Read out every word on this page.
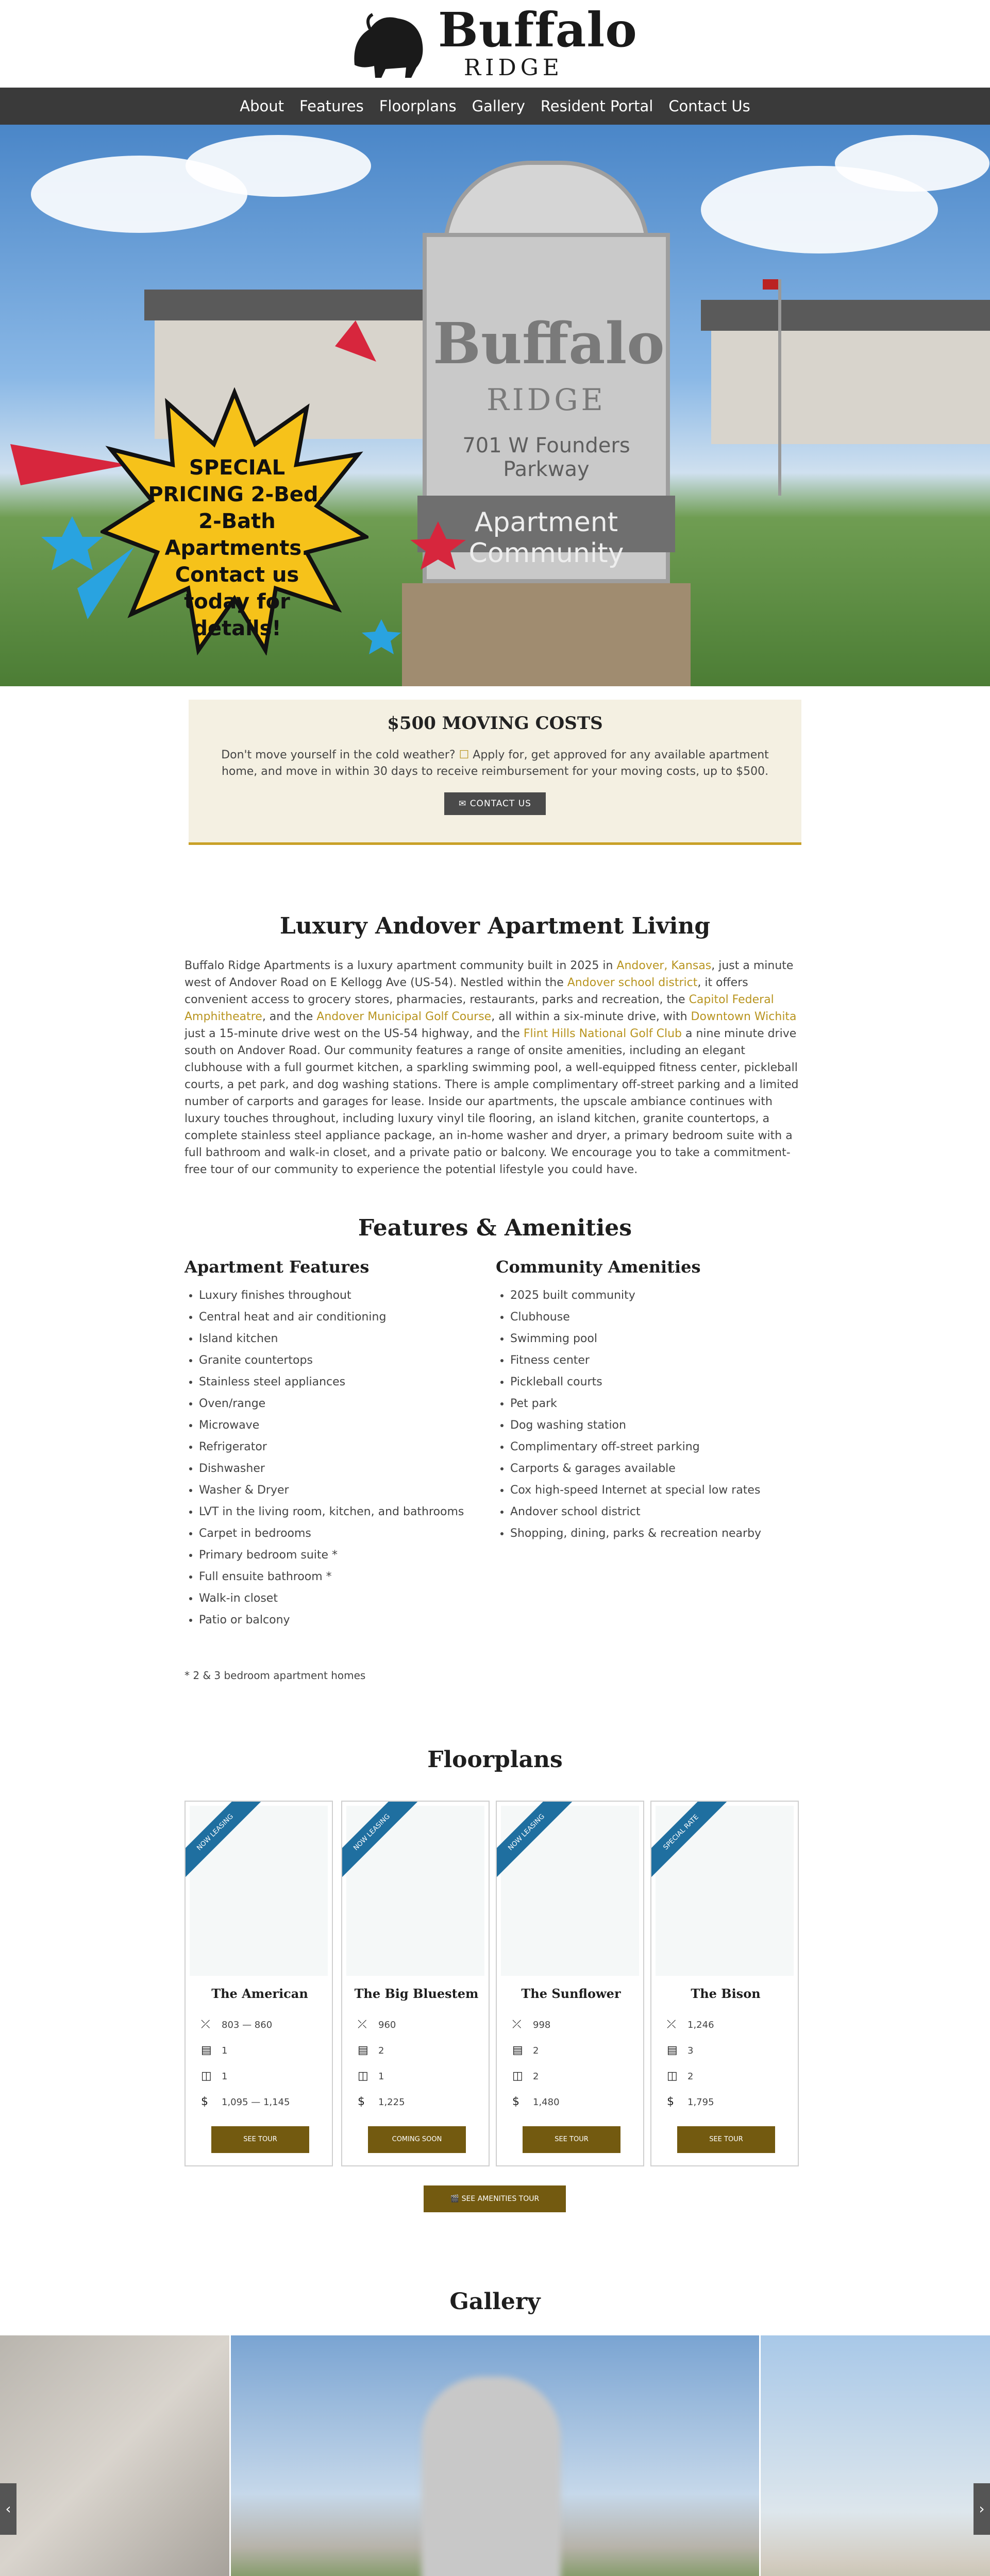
Buffalo
RIDGE
About Features Floorplans Gallery Resident Portal Contact Us
Buffalo
RIDGE
701 W Founders Parkway
Apartment Community
SPECIAL PRICING 2-Bed, 2-Bath Apartments. Contact us today for details!
$500 MOVING COSTS

Don't move yourself in the cold weather? ☐ Apply for, get approved for any available apartment home, and move in within 30 days to receive reimbursement for your moving costs, up to $500.

✉ CONTACT US
Luxury Andover Apartment Living
Buffalo Ridge Apartments is a luxury apartment community built in 2025 in Andover, Kansas, just a minute west of Andover Road on E Kellogg Ave (US-54). Nestled within the Andover school district, it offers convenient access to grocery stores, pharmacies, restaurants, parks and recreation, the Capitol Federal Amphitheatre, and the Andover Municipal Golf Course, all within a six-minute drive, with Downtown Wichita just a 15-minute drive west on the US-54 highway, and the Flint Hills National Golf Club a nine minute drive south on Andover Road. Our community features a range of onsite amenities, including an elegant clubhouse with a full gourmet kitchen, a sparkling swimming pool, a well-equipped fitness center, pickleball courts, a pet park, and dog washing stations. There is ample complimentary off-street parking and a limited number of carports and garages for lease. Inside our apartments, the upscale ambiance continues with luxury touches throughout, including luxury vinyl tile flooring, an island kitchen, granite countertops, a complete stainless steel appliance package, an in-home washer and dryer, a primary bedroom suite with a full bathroom and walk-in closet, and a private patio or balcony. We encourage you to take a commitment-free tour of our community to experience the potential lifestyle you could have.
Features & Amenities
Apartment Features
• Luxury finishes throughout
• Central heat and air conditioning
• Island kitchen
• Granite countertops
• Stainless steel appliances
• Oven/range
• Microwave
• Refrigerator
• Dishwasher
• Washer & Dryer
• LVT in the living room, kitchen, and bathrooms
• Carpet in bedrooms
• Primary bedroom suite *
• Full ensuite bathroom *
• Walk-in closet
• Patio or balcony
Community Amenities
• 2025 built community
• Clubhouse
• Swimming pool
• Fitness center
• Pickleball courts
• Pet park
• Dog washing station
• Complimentary off-street parking
• Carports & garages available
• Cox high-speed Internet at special low rates
• Andover school district
• Shopping, dining, parks & recreation nearby
* 2 & 3 bedroom apartment homes
Floorplans
NOW LEASING
The American
⤫ 803 — 860
▤ 1
◫ 1
$ 1,095 — 1,145
SEE TOUR
NOW LEASING
The Big Bluestem
⤫ 960
▤ 2
◫ 1
$ 1,225
COMING SOON
NOW LEASING
The Sunflower
⤫ 998
▤ 2
◫ 2
$ 1,480
SEE TOUR
SPECIAL RATE
The Bison
⤫ 1,246
▤ 3
◫ 2
$ 1,795
SEE TOUR
🎬 SEE AMENITIES TOUR
Gallery
‹	›
